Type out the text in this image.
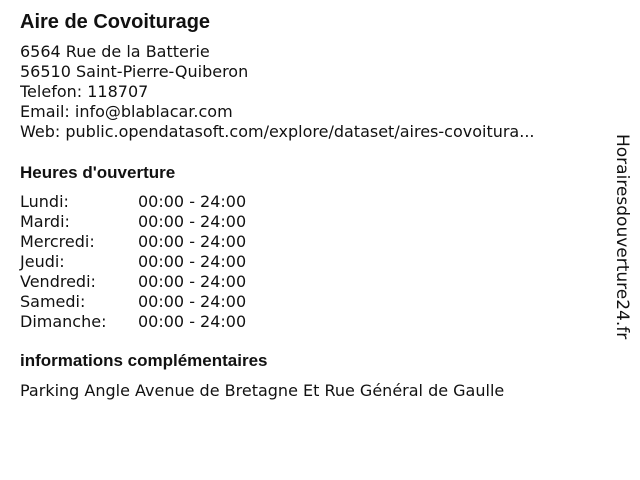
Aire de Covoiturage
6564 Rue de la Batterie
56510 Saint-Pierre-Quiberon
Telefon: 118707
Email: info@blablacar.com
Web: public.opendatasoft.com/explore/dataset/aires-covoitura...
Heures d'ouverture
Lundi:	00:00 - 24:00
Mardi:	00:00 - 24:00
Mercredi:	00:00 - 24:00
Jeudi:	00:00 - 24:00
Vendredi:	00:00 - 24:00
Samedi:	00:00 - 24:00
Dimanche:	00:00 - 24:00
informations complémentaires
Parking Angle Avenue de Bretagne Et Rue Général de Gaulle
Horairesdouverture24.fr
